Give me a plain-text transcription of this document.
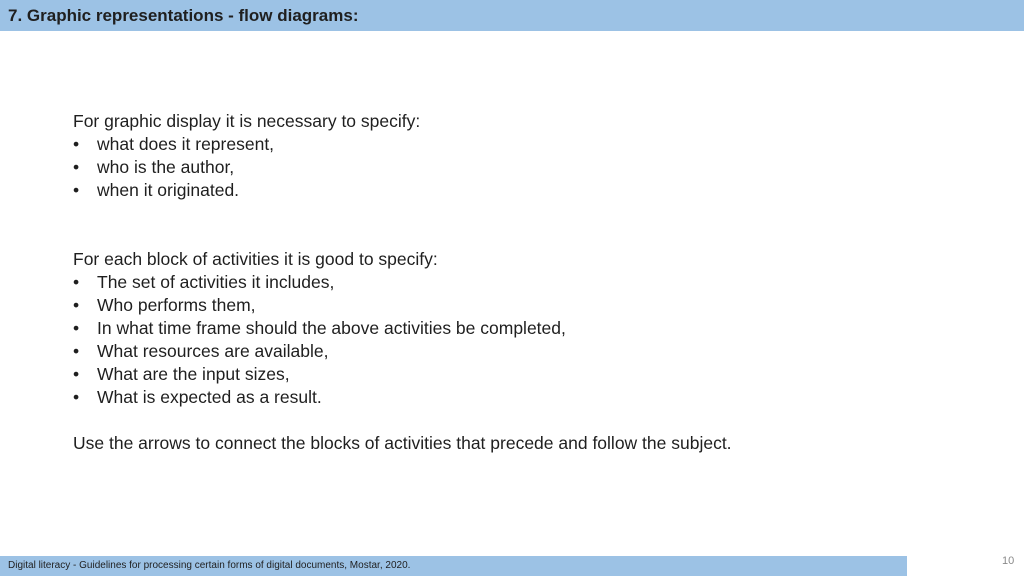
7. Graphic representations - flow diagrams:

For graphic display it is necessary to specify:

• what does it represent,
• who is the author,
• when it originated.

For each block of activities it is good to specify:

• The set of activities it includes,
• Who performs them,
• In what time frame should the above activities be completed,
• What resources are available,
• What are the input sizes,
• What is expected as a result.

Use the arrows to connect the blocks of activities that precede and follow the subject.

Digital literacy - Guidelines for processing certain forms of digital documents, Mostar, 2020.	10
